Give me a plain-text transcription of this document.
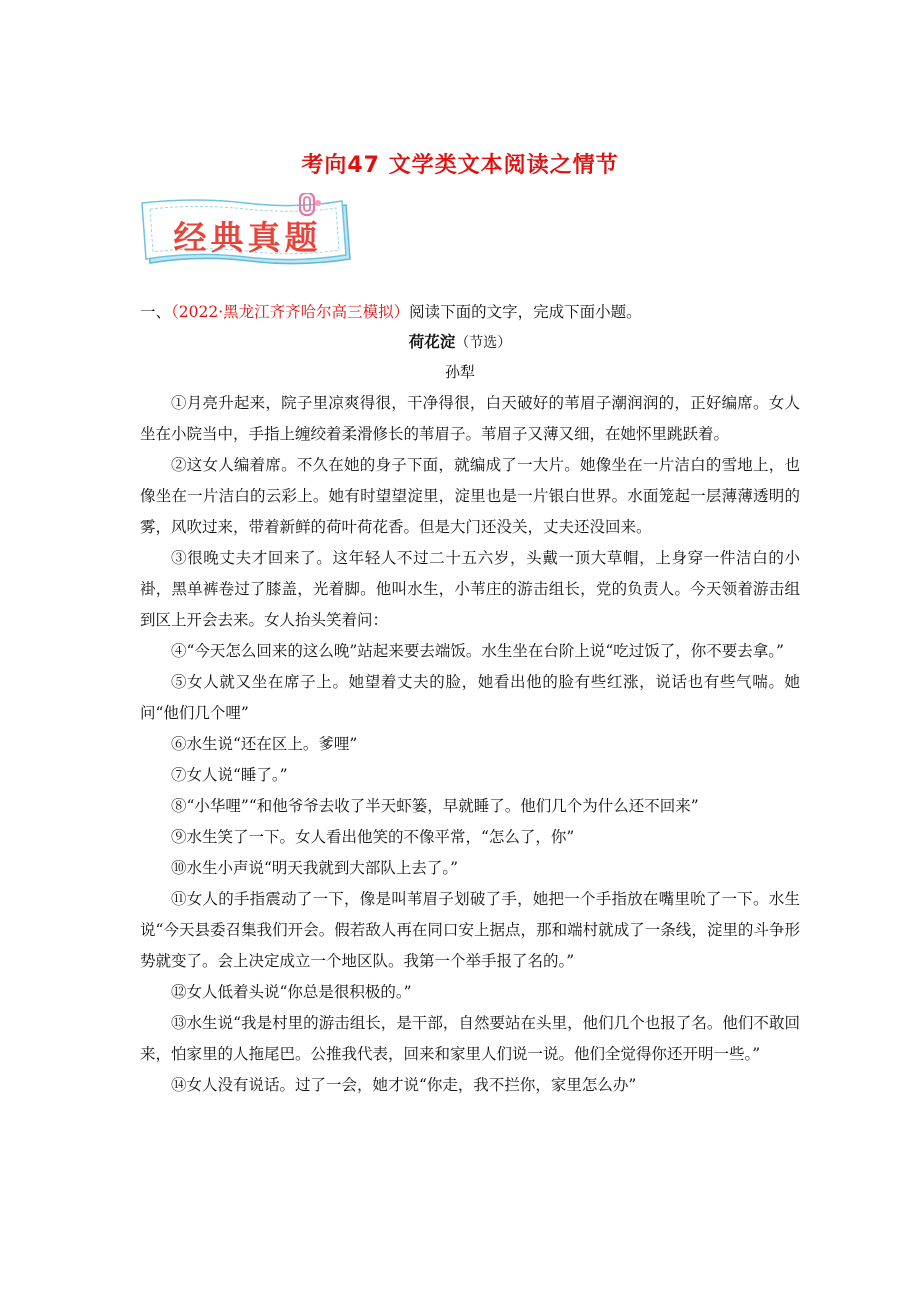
考向47 文学类文本阅读之情节
经典真题
一、（2022·黑龙江齐齐哈尔高三模拟）阅读下面的文字，完成下面小题。
荷花淀（节选）
孙犁

①月亮升起来，院子里凉爽得很，干净得很，白天破好的苇眉子潮润润的，正好编席。女人坐在小院当中，手指上缠绞着柔滑修长的苇眉子。苇眉子又薄又细，在她怀里跳跃着。

②这女人编着席。不久在她的身子下面，就编成了一大片。她像坐在一片洁白的雪地上，也像坐在一片洁白的云彩上。她有时望望淀里，淀里也是一片银白世界。水面笼起一层薄薄透明的雾，风吹过来，带着新鲜的荷叶荷花香。但是大门还没关，丈夫还没回来。

③很晚丈夫才回来了。这年轻人不过二十五六岁，头戴一顶大草帽，上身穿一件洁白的小褂，黑单裤卷过了膝盖，光着脚。他叫水生，小苇庄的游击组长，党的负责人。今天领着游击组到区上开会去来。女人抬头笑着问：

④“今天怎么回来的这么晚”站起来要去端饭。水生坐在台阶上说“吃过饭了，你不要去拿。”

⑤女人就又坐在席子上。她望着丈夫的脸，她看出他的脸有些红涨，说话也有些气喘。她问“他们几个哩”

⑥水生说“还在区上。爹哩”

⑦女人说“睡了。”

⑧“小华哩”“和他爷爷去收了半天虾篓，早就睡了。他们几个为什么还不回来”

⑨水生笑了一下。女人看出他笑的不像平常，“怎么了，你”

⑩水生小声说“明天我就到大部队上去了。”

⑪女人的手指震动了一下，像是叫苇眉子划破了手，她把一个手指放在嘴里吮了一下。水生说“今天县委召集我们开会。假若敌人再在同口安上据点，那和端村就成了一条线，淀里的斗争形势就变了。会上决定成立一个地区队。我第一个举手报了名的。”

⑫女人低着头说“你总是很积极的。”

⑬水生说“我是村里的游击组长，是干部，自然要站在头里，他们几个也报了名。他们不敢回来，怕家里的人拖尾巴。公推我代表，回来和家里人们说一说。他们全觉得你还开明一些。”

⑭女人没有说话。过了一会，她才说“你走，我不拦你，家里怎么办”
